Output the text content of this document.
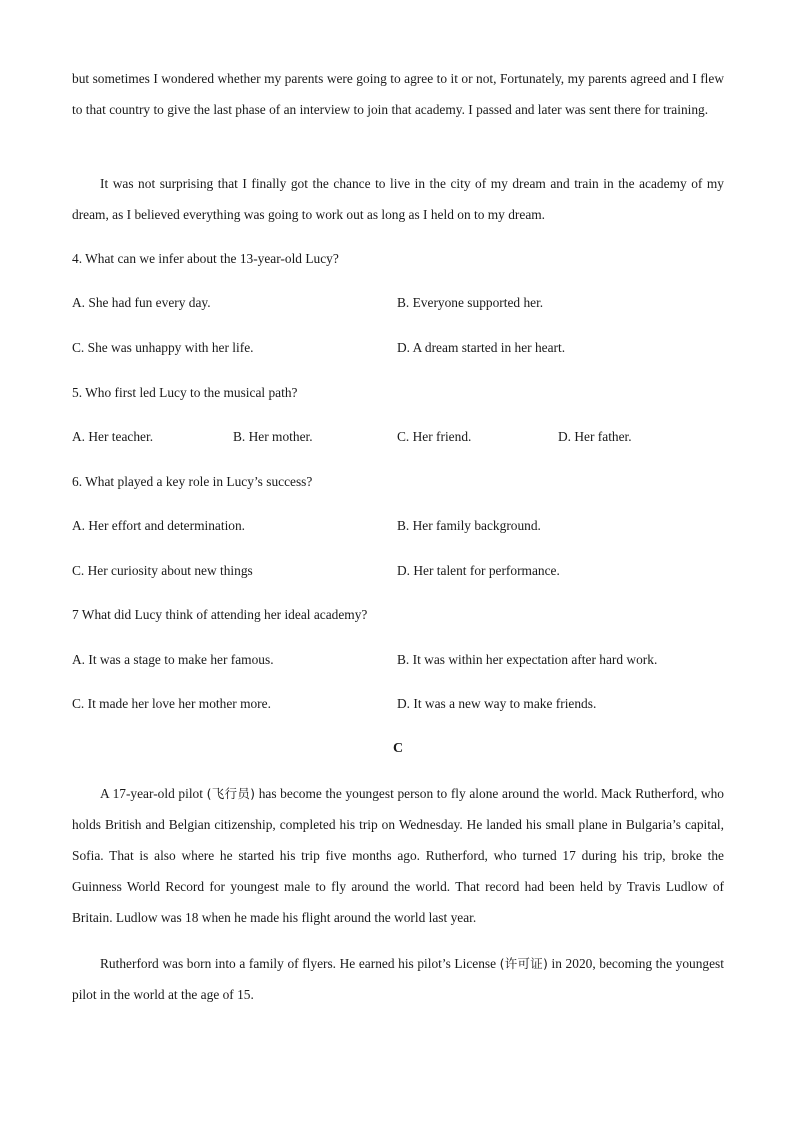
but sometimes I wondered whether my parents were going to agree to it or not, Fortunately, my parents agreed and I flew to that country to give the last phase of an interview to join that academy. I passed and later was sent there for training.

It was not surprising that I finally got the chance to live in the city of my dream and train in the academy of my dream, as I believed everything was going to work out as long as I held on to my dream.

4. What can we infer about the 13-year-old Lucy?
A. She had fun every day.	B. Everyone supported her.
C. She was unhappy with her life.	D. A dream started in her heart.
5. Who first led Lucy to the musical path?
A. Her teacher.	B. Her mother.	C. Her friend.	D. Her father.
6. What played a key role in Lucy’s success?
A. Her effort and determination.	B. Her family background.
C. Her curiosity about new things	D. Her talent for performance.
7 What did Lucy think of attending her ideal academy?
A. It was a stage to make her famous.	B. It was within her expectation after hard work.
C. It made her love her mother more.	D. It was a new way to make friends.
C

A 17-year-old pilot (飞行员) has become the youngest person to fly alone around the world. Mack Rutherford, who holds British and Belgian citizenship, completed his trip on Wednesday. He landed his small plane in Bulgaria’s capital, Sofia. That is also where he started his trip five months ago. Rutherford, who turned 17 during his trip, broke the Guinness World Record for youngest male to fly around the world. That record had been held by Travis Ludlow of Britain. Ludlow was 18 when he made his flight around the world last year.

Rutherford was born into a family of flyers. He earned his pilot’s License (许可证) in 2020, becoming the youngest pilot in the world at the age of 15.
